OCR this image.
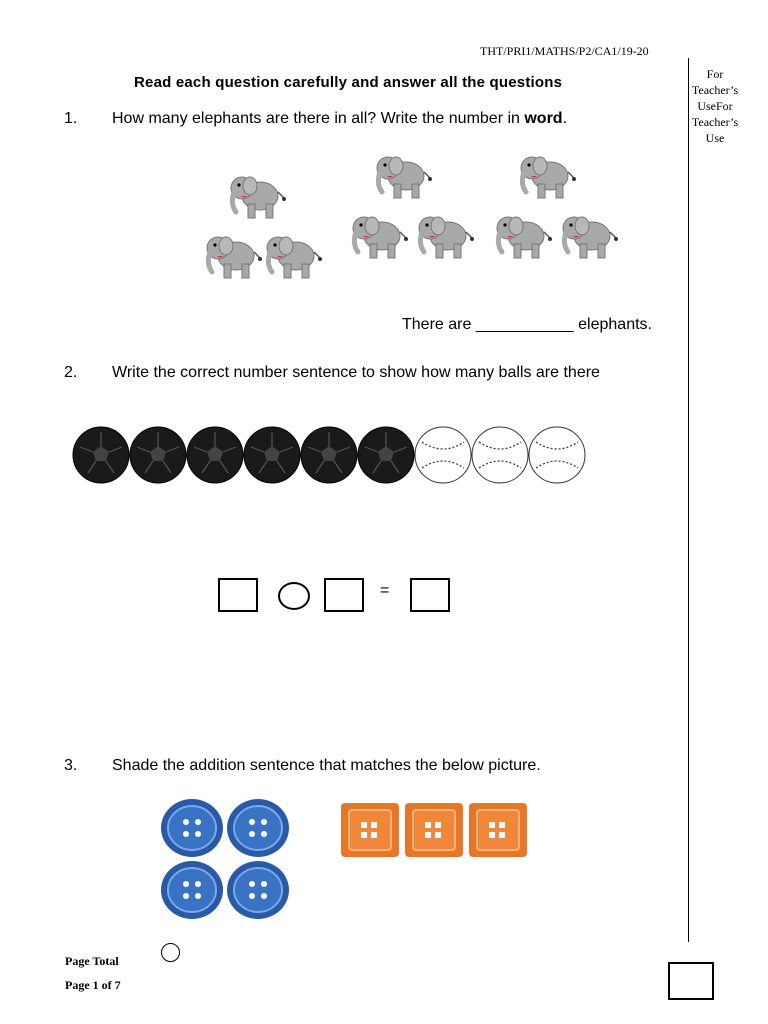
THT/PRI1/MATHS/P2/CA1/19-20
Read each question carefully and answer all the questions	For Teacher’s UseFor Teacher’s Use
1. How many elephants are there in all? Write the number in word.
There are ___________ elephants.
2. Write the correct number sentence to show how many balls are there
=
3. Shade the addition sentence that matches the below picture.
Page Total
Page 1 of 7
